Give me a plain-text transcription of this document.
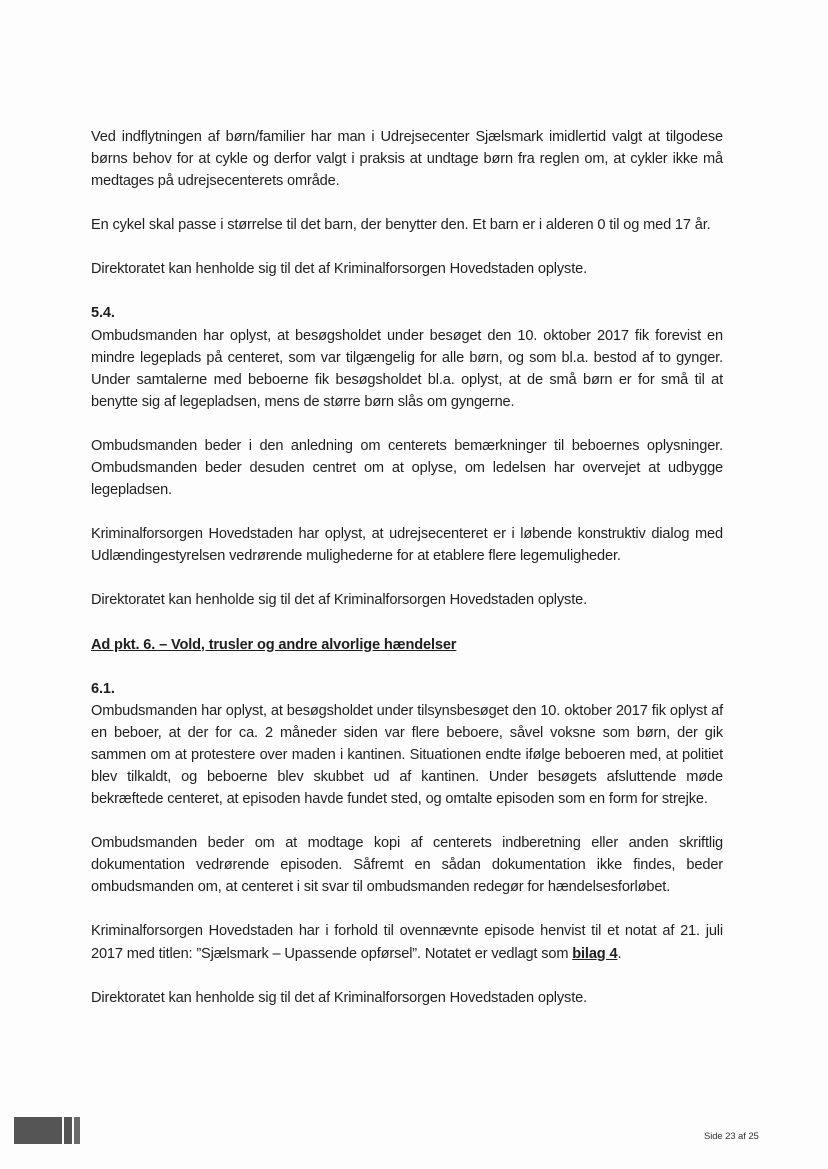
Ved indflytningen af børn/familier har man i Udrejsecenter Sjælsmark imidlertid valgt at tilgodese børns behov for at cykle og derfor valgt i praksis at undtage børn fra reglen om, at cykler ikke må medtages på udrejsecenterets område.

En cykel skal passe i størrelse til det barn, der benytter den. Et barn er i alderen 0 til og med 17 år.

Direktoratet kan henholde sig til det af Kriminalforsorgen Hovedstaden oplyste.

5.4.

Ombudsmanden har oplyst, at besøgsholdet under besøget den 10. oktober 2017 fik forevist en mindre legeplads på centeret, som var tilgængelig for alle børn, og som bl.a. bestod af to gynger. Under samtalerne med beboerne fik besøgsholdet bl.a. oplyst, at de små børn er for små til at benytte sig af legepladsen, mens de større børn slås om gyngerne.

Ombudsmanden beder i den anledning om centerets bemærkninger til beboernes oplysninger. Ombudsmanden beder desuden centret om at oplyse, om ledelsen har overvejet at udbygge legepladsen.

Kriminalforsorgen Hovedstaden har oplyst, at udrejsecenteret er i løbende konstruktiv dialog med Udlændingestyrelsen vedrørende mulighederne for at etablere flere legemuligheder.

Direktoratet kan henholde sig til det af Kriminalforsorgen Hovedstaden oplyste.

Ad pkt. 6. – Vold, trusler og andre alvorlige hændelser

6.1.

Ombudsmanden har oplyst, at besøgsholdet under tilsynsbesøget den 10. oktober 2017 fik oplyst af en beboer, at der for ca. 2 måneder siden var flere beboere, såvel voksne som børn, der gik sammen om at protestere over maden i kantinen. Situationen endte ifølge beboeren med, at politiet blev tilkaldt, og beboerne blev skubbet ud af kantinen. Under besøgets afsluttende møde bekræftede centeret, at episoden havde fundet sted, og omtalte episoden som en form for strejke.

Ombudsmanden beder om at modtage kopi af centerets indberetning eller anden skriftlig dokumentation vedrørende episoden. Såfremt en sådan dokumentation ikke findes, beder ombudsmanden om, at centeret i sit svar til ombudsmanden redegør for hændelsesforløbet.

Kriminalforsorgen Hovedstaden har i forhold til ovennævnte episode henvist til et notat af 21. juli 2017 med titlen: ”Sjælsmark – Upassende opførsel”. Notatet er vedlagt som bilag 4.

Direktoratet kan henholde sig til det af Kriminalforsorgen Hovedstaden oplyste.

Side 23 af 25
